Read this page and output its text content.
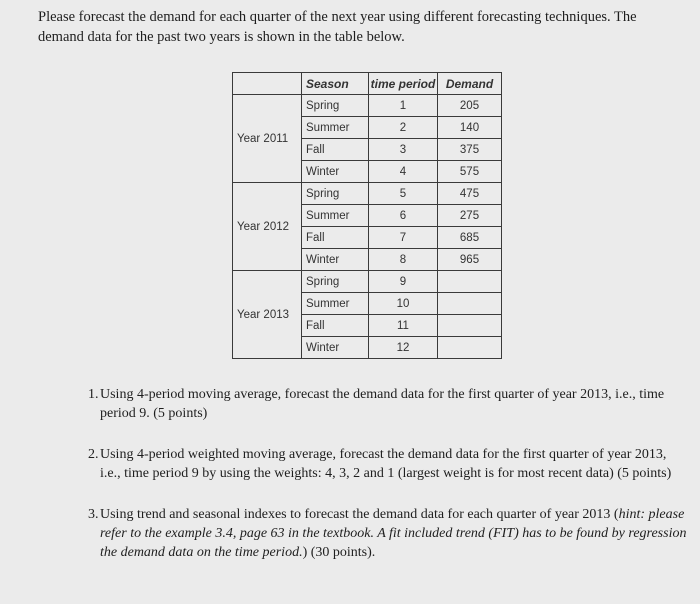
Please forecast the demand for each quarter of the next year using different forecasting techniques. The demand data for the past two years is shown in the table below.
	Season	time period	Demand
Year 2011	Spring	1	205
	Summer	2	140
	Fall	3	375
	Winter	4	575
Year 2012	Spring	5	475
	Summer	6	275
	Fall	7	685
	Winter	8	965
Year 2013	Spring	9	
	Summer	10	
	Fall	11	
	Winter	12	
1. Using 4-period moving average, forecast the demand data for the first quarter of year 2013, i.e., time period 9. (5 points)
2. Using 4-period weighted moving average, forecast the demand data for the first quarter of year 2013, i.e., time period 9 by using the weights: 4, 3, 2 and 1 (largest weight is for most recent data) (5 points)
3. Using trend and seasonal indexes to forecast the demand data for each quarter of year 2013 (hint: please refer to the example 3.4, page 63 in the textbook. A fit included trend (FIT) has to be found by regression the demand data on the time period.) (30 points).
